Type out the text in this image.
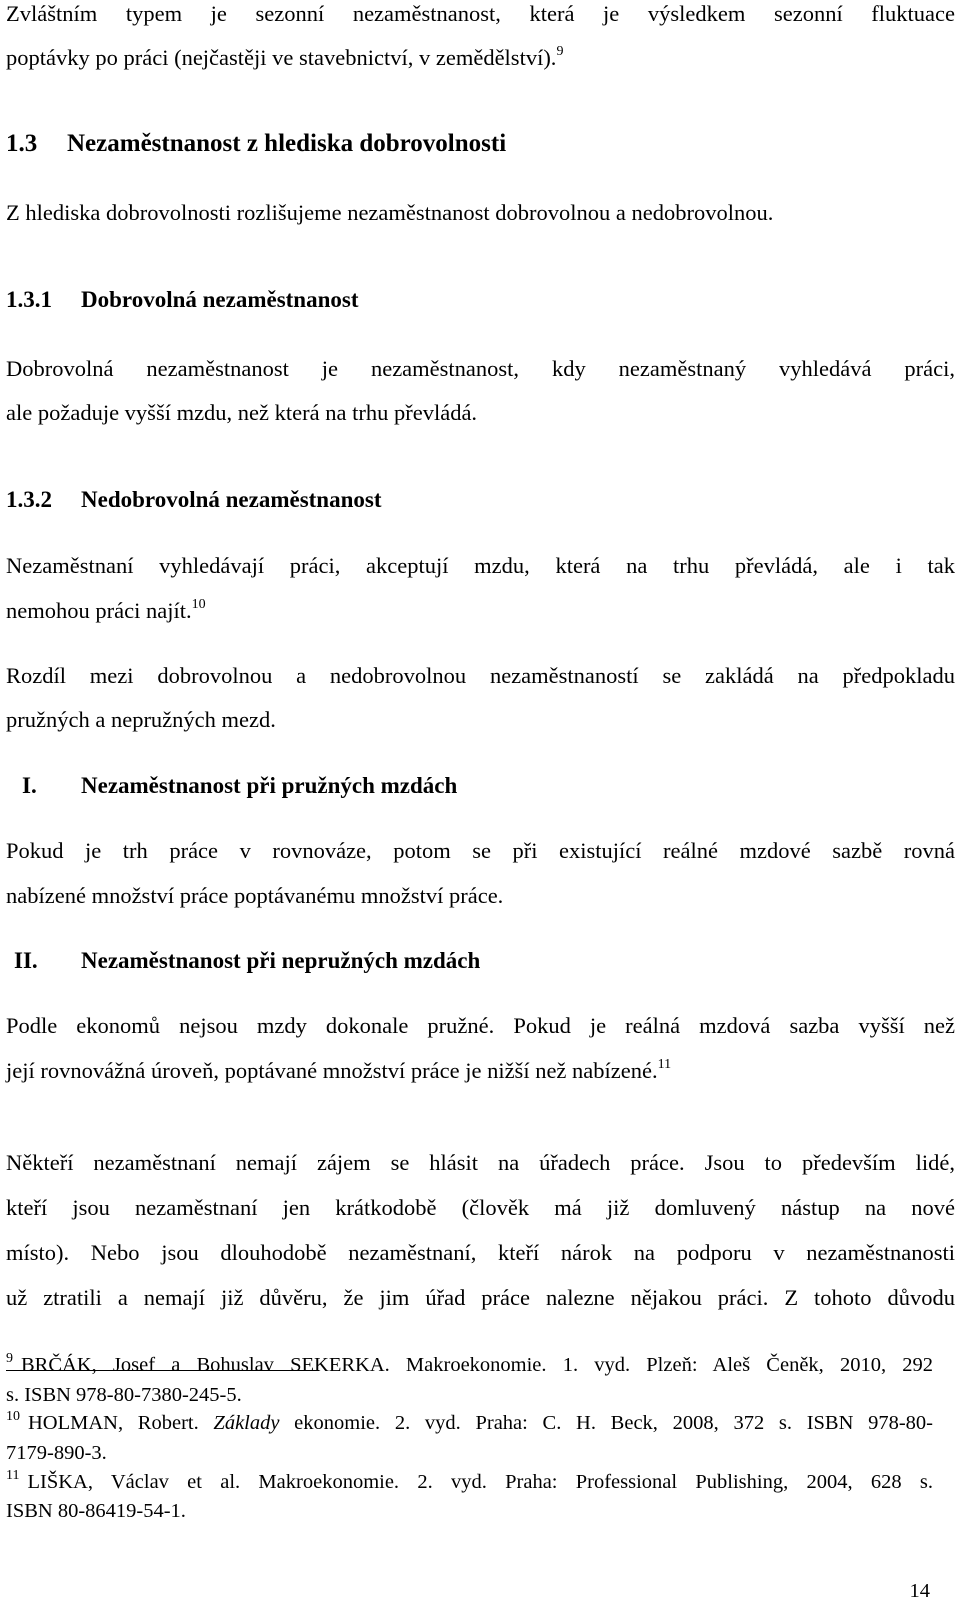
Zvláštním typem je sezonní nezaměstnanost, která je výsledkem sezonní fluktuace
poptávky po práci (nejčastěji ve stavebnictví, v zemědělství).$^9$
1.3 Nezaměstnanost z hlediska dobrovolnosti
Z hlediska dobrovolnosti rozlišujeme nezaměstnanost dobrovolnou a nedobrovolnou.
1.3.1 Dobrovolná nezaměstnanost
Dobrovolná nezaměstnanost je nezaměstnanost, kdy nezaměstnaný vyhledává práci,
ale požaduje vyšší mzdu, než která na trhu převládá.
1.3.2 Nedobrovolná nezaměstnanost
Nezaměstnaní vyhledávají práci, akceptují mzdu, která na trhu převládá, ale i tak
nemohou práci najít.$^{10}$
Rozdíl mezi dobrovolnou a nedobrovolnou nezaměstnaností se zakládá na předpokladu
pružných a nepružných mezd.
I. Nezaměstnanost při pružných mzdách
Pokud je trh práce v rovnováze, potom se při existující reálné mzdové sazbě rovná
nabízené množství práce poptávanému množství práce.
II. Nezaměstnanost při nepružných mzdách
Podle ekonomů nejsou mzdy dokonale pružné. Pokud je reálná mzdová sazba vyšší než
její rovnovážná úroveň, poptávané množství práce je nižší než nabízené.$^{11}$
Někteří nezaměstnaní nemají zájem se hlásit na úřadech práce. Jsou to především lidé,
kteří jsou nezaměstnaní jen krátkodobě (člověk má již domluvený nástup na nové
místo). Nebo jsou dlouhodobě nezaměstnaní, kteří nárok na podporu v nezaměstnanosti
už ztratili a nemají již důvěru, že jim úřad práce nalezne nějakou práci. Z tohoto důvodu
$^9$ BRČÁK, Josef a Bohuslav SEKERKA. Makroekonomie. 1. vyd. Plzeň: Aleš Čeněk, 2010, 292
s. ISBN 978-80-7380-245-5.
$^{10}$ HOLMAN, Robert. Základy ekonomie. 2. vyd. Praha: C. H. Beck, 2008, 372 s. ISBN 978-80-
7179-890-3.
$^{11}$ LIŠKA, Václav et al. Makroekonomie. 2. vyd. Praha: Professional Publishing, 2004, 628 s.
ISBN 80-86419-54-1.
14
